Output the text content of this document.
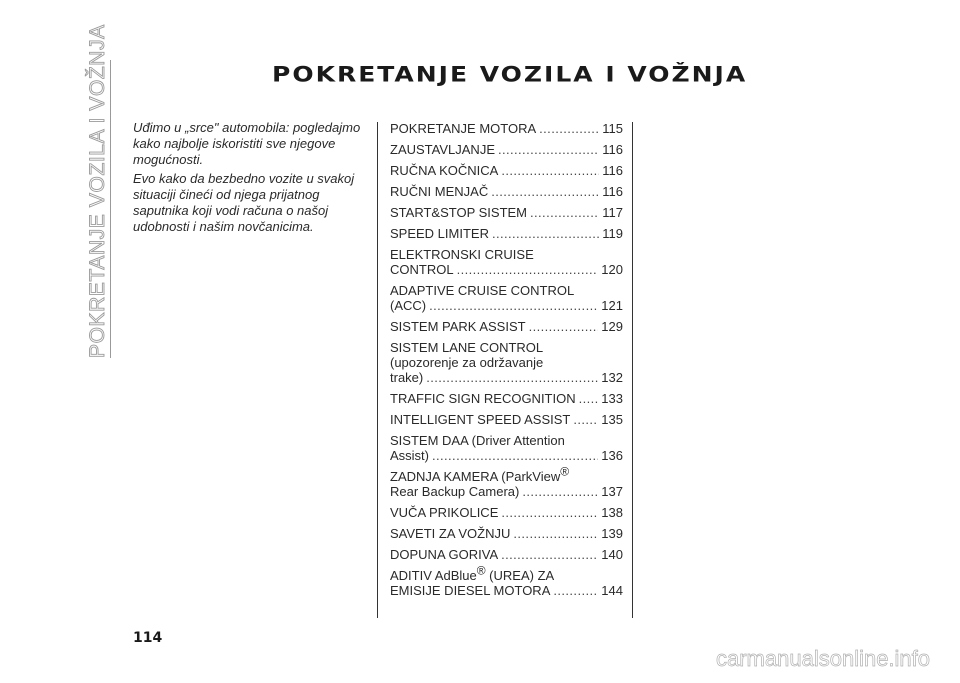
POKRETANJE VOZILA I VOŽNJA	POKRETANJE VOZILA I VOŽNJA

Uđimo u „srce" automobila: pogledajmo kako najbolje iskoristiti sve njegove mogućnosti.

Evo kako da bezbedno vozite u svakoj situaciji čineći od njega prijatnog saputnika koji vodi računa o našoj udobnosti i našim novčanicima.

POKRETANJE MOTORA .....	115
ZAUSTAVLJANJE .....	116
RUČNA KOČNICA .....	116
RUČNI MENJAČ .....	116
START&STOP SISTEM .....	117
SPEED LIMITER .....	119
ELEKTRONSKI CRUISE
CONTROL .....	120
ADAPTIVE CRUISE CONTROL
(ACC) .....	121
SISTEM PARK ASSIST .....	129
SISTEM LANE CONTROL
(upozorenje za održavanje
trake) .....	132
TRAFFIC SIGN RECOGNITION ..... 133
INTELLIGENT SPEED ASSIST ..... 135
SISTEM DAA (Driver Attention
Assist) .....	136
ZADNJA KAMERA (ParkView®
Rear Backup Camera) .....	137
VUČA PRIKOLICE .....	138
SAVETI ZA VOŽNJU .....	139
DOPUNA GORIVA .....	140
ADITIV AdBlue® (UREA) ZA
EMISIJE DIESEL MOTORA .....	144
114
carmanualsonline.info
